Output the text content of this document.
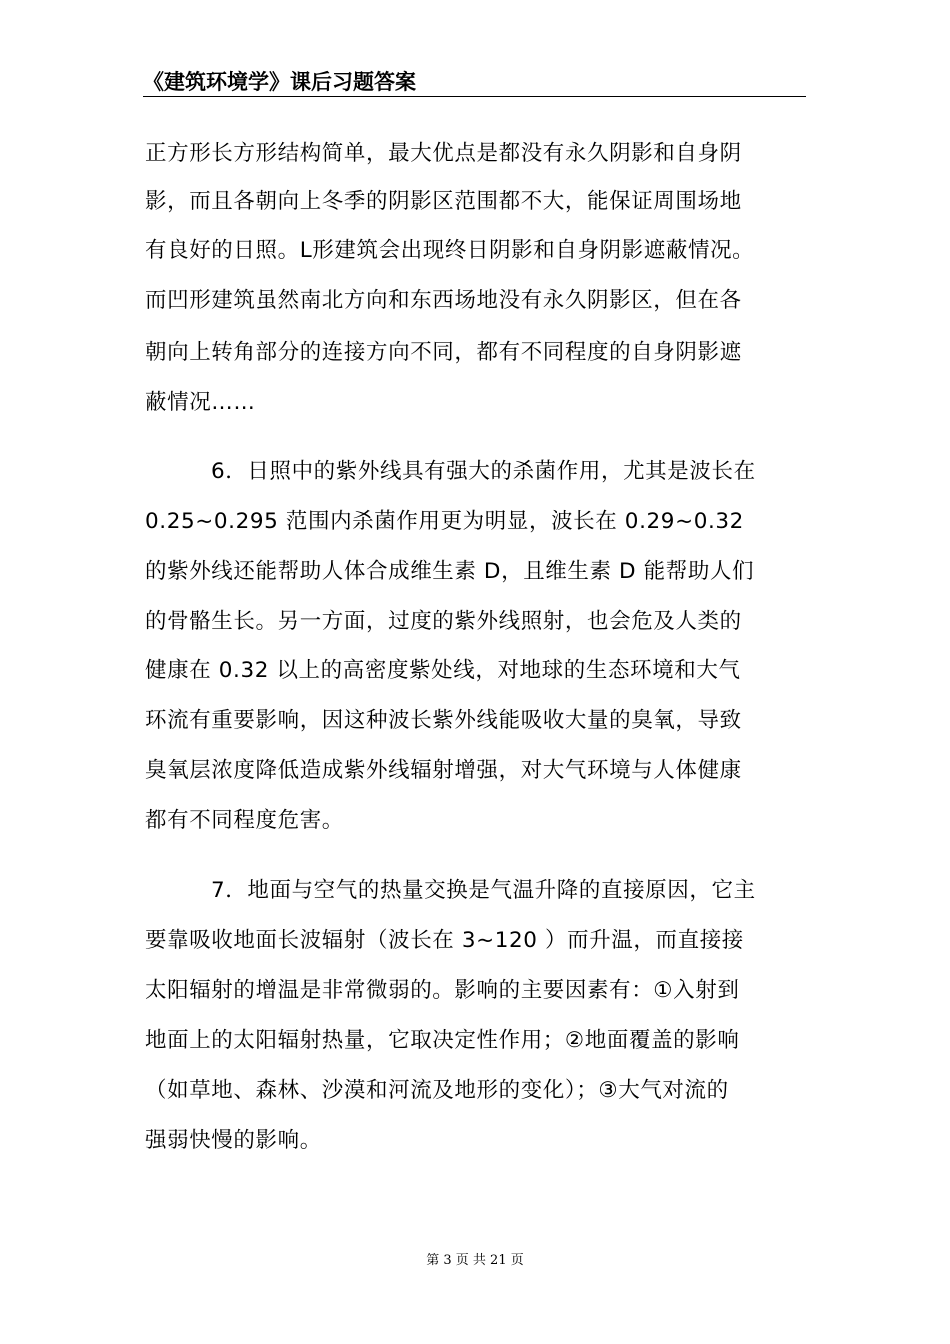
《建筑环境学》课后习题答案
正方形长方形结构简单，最大优点是都没有永久阴影和自身阴
影，而且各朝向上冬季的阴影区范围都不大，能保证周围场地
有良好的日照。L形建筑会出现终日阴影和自身阴影遮蔽情况。
而凹形建筑虽然南北方向和东西场地没有永久阴影区，但在各
朝向上转角部分的连接方向不同，都有不同程度的自身阴影遮
蔽情况……
6．日照中的紫外线具有强大的杀菌作用，尤其是波长在
0.25~0.295 范围内杀菌作用更为明显，波长在 0.29~0.32
的紫外线还能帮助人体合成维生素 D，且维生素 D 能帮助人们
的骨骼生长。另一方面，过度的紫外线照射，也会危及人类的
健康在 0.32 以上的高密度紫处线，对地球的生态环境和大气
环流有重要影响，因这种波长紫外线能吸收大量的臭氧，导致
臭氧层浓度降低造成紫外线辐射增强，对大气环境与人体健康
都有不同程度危害。
7．地面与空气的热量交换是气温升降的直接原因，它主
要靠吸收地面长波辐射（波长在 3~120 ）而升温，而直接接
太阳辐射的增温是非常微弱的。影响的主要因素有：①入射到
地面上的太阳辐射热量，它取决定性作用；②地面覆盖的影响
（如草地、森林、沙漠和河流及地形的变化）；③大气对流的
强弱快慢的影响。
第 3 页 共 21 页
